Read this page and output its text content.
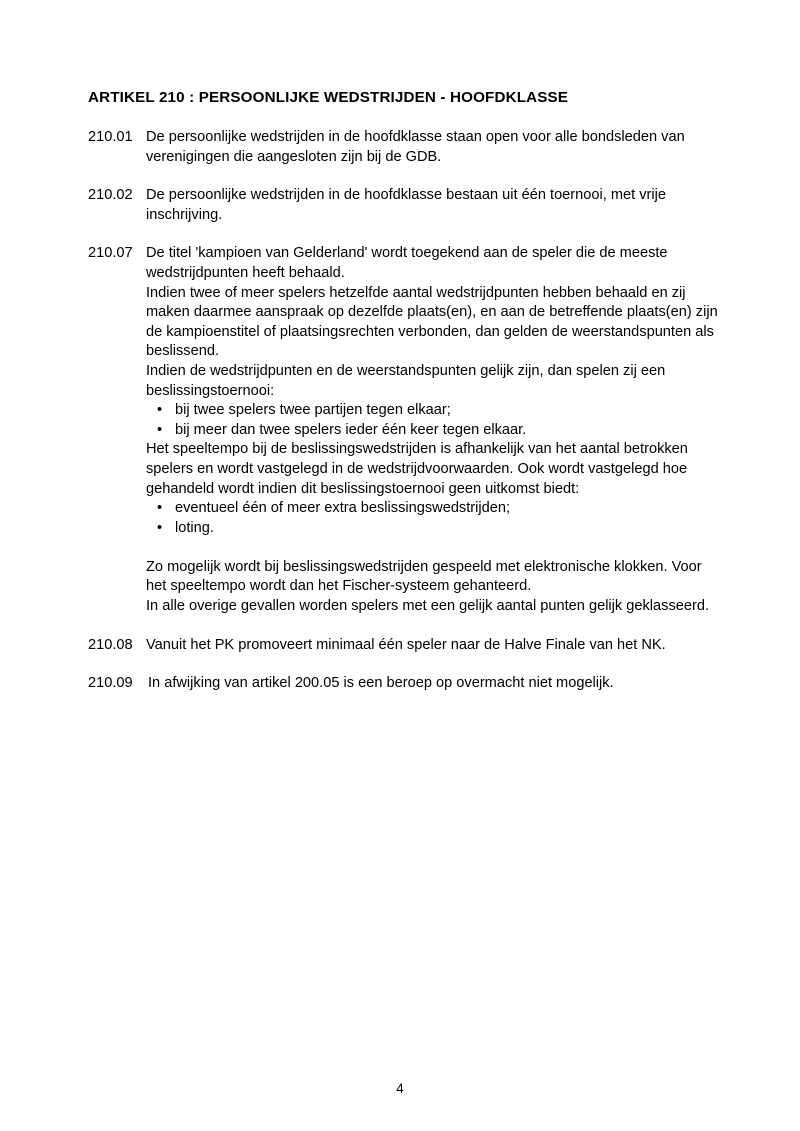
ARTIKEL 210 : PERSOONLIJKE WEDSTRIJDEN - HOOFDKLASSE
210.01 De persoonlijke wedstrijden in de hoofdklasse staan open voor alle bondsleden van verenigingen die aangesloten zijn bij de GDB.

210.02 De persoonlijke wedstrijden in de hoofdklasse bestaan uit één toernooi, met vrije inschrijving.

210.07 De titel 'kampioen van Gelderland' wordt toegekend aan de speler die de meeste wedstrijdpunten heeft behaald.

Indien twee of meer spelers hetzelfde aantal wedstrijdpunten hebben behaald en zij maken daarmee aanspraak op dezelfde plaats(en), en aan de betreffende plaats(en) zijn de kampioenstitel of plaatsingsrechten verbonden, dan gelden de weerstandspunten als beslissend.

Indien de wedstrijdpunten en de weerstandspunten gelijk zijn, dan spelen zij een beslissingstoernooi:

• bij twee spelers twee partijen tegen elkaar;
• bij meer dan twee spelers ieder één keer tegen elkaar.

Het speeltempo bij de beslissingswedstrijden is afhankelijk van het aantal betrokken spelers en wordt vastgelegd in de wedstrijdvoorwaarden. Ook wordt vastgelegd hoe gehandeld wordt indien dit beslissingstoernooi geen uitkomst biedt:

• eventueel één of meer extra beslissingswedstrijden;
• loting.

Zo mogelijk wordt bij beslissingswedstrijden gespeeld met elektronische klokken. Voor het speeltempo wordt dan het Fischer-systeem gehanteerd.

In alle overige gevallen worden spelers met een gelijk aantal punten gelijk geklasseerd.

210.08 Vanuit het PK promoveert minimaal één speler naar de Halve Finale van het NK.

210.09	In afwijking van artikel 200.05 is een beroep op overmacht niet mogelijk.

4
